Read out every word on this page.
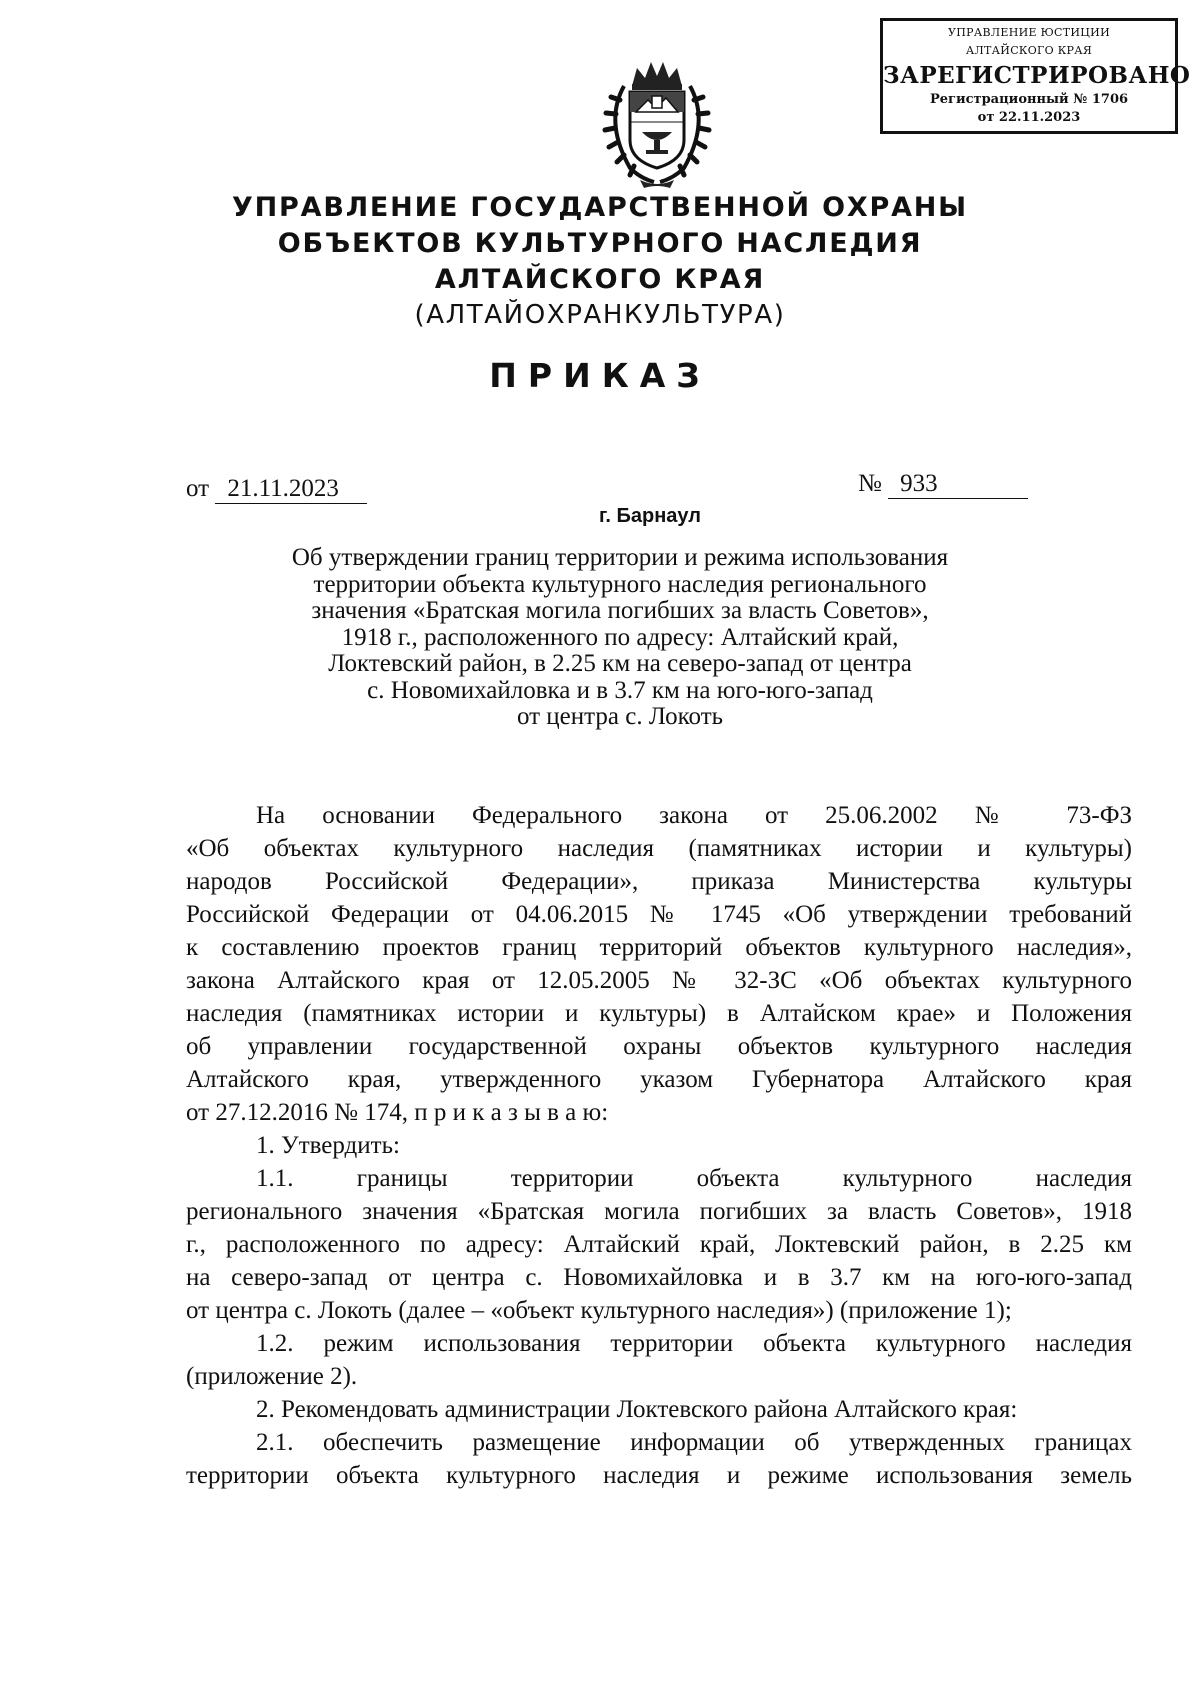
УПРАВЛЕНИЕ ЮСТИЦИИ
АЛТАЙСКОГО КРАЯ
ЗАРЕГИСТРИРОВАНО
Регистрационный № 1706
от 22.11.2023
УПРАВЛЕНИЕ ГОСУДАРСТВЕННОЙ ОХРАНЫ
ОБЪЕКТОВ КУЛЬТУРНОГО НАСЛЕДИЯ
АЛТАЙСКОГО КРАЯ
(АЛТАЙОХРАНКУЛЬТУРА)
ПРИКАЗ
от 21.11.2023	№ 933
г. Барнаул
Об утверждении границ территории и режима использования
территории объекта культурного наследия регионального
значения «Братская могила погибших за власть Советов»,
1918 г., расположенного по адресу: Алтайский край,
Локтевский район, в 2.25 км на северо-запад от центра
с. Новомихайловка и в 3.7 км на юго-юго-запад
от центра с. Локоть

На основании Федерального закона от 25.06.2002 № 73-ФЗ

«Об объектах культурного наследия (памятниках истории и культуры)

народов Российской Федерации», приказа Министерства культуры

Российской Федерации от 04.06.2015 № 1745 «Об утверждении требований

к составлению проектов границ территорий объектов культурного наследия»,

закона Алтайского края от 12.05.2005 № 32-ЗС «Об объектах культурного

наследия (памятниках истории и культуры) в Алтайском крае» и Положения

об управлении государственной охраны объектов культурного наследия

Алтайского края, утвержденного указом Губернатора Алтайского края

от 27.12.2016 № 174, п р и к а з ы в а ю:

1. Утвердить:

1.1. границы территории объекта культурного наследия

регионального значения «Братская могила погибших за власть Советов», 1918

г., расположенного по адресу: Алтайский край, Локтевский район, в 2.25 км

на северо-запад от центра с. Новомихайловка и в 3.7 км на юго-юго-запад

от центра с. Локоть (далее – «объект культурного наследия») (приложение 1);

1.2. режим использования территории объекта культурного наследия

(приложение 2).

2. Рекомендовать администрации Локтевского района Алтайского края:

2.1. обеспечить размещение информации об утвержденных границах

территории объекта культурного наследия и режиме использования земель
